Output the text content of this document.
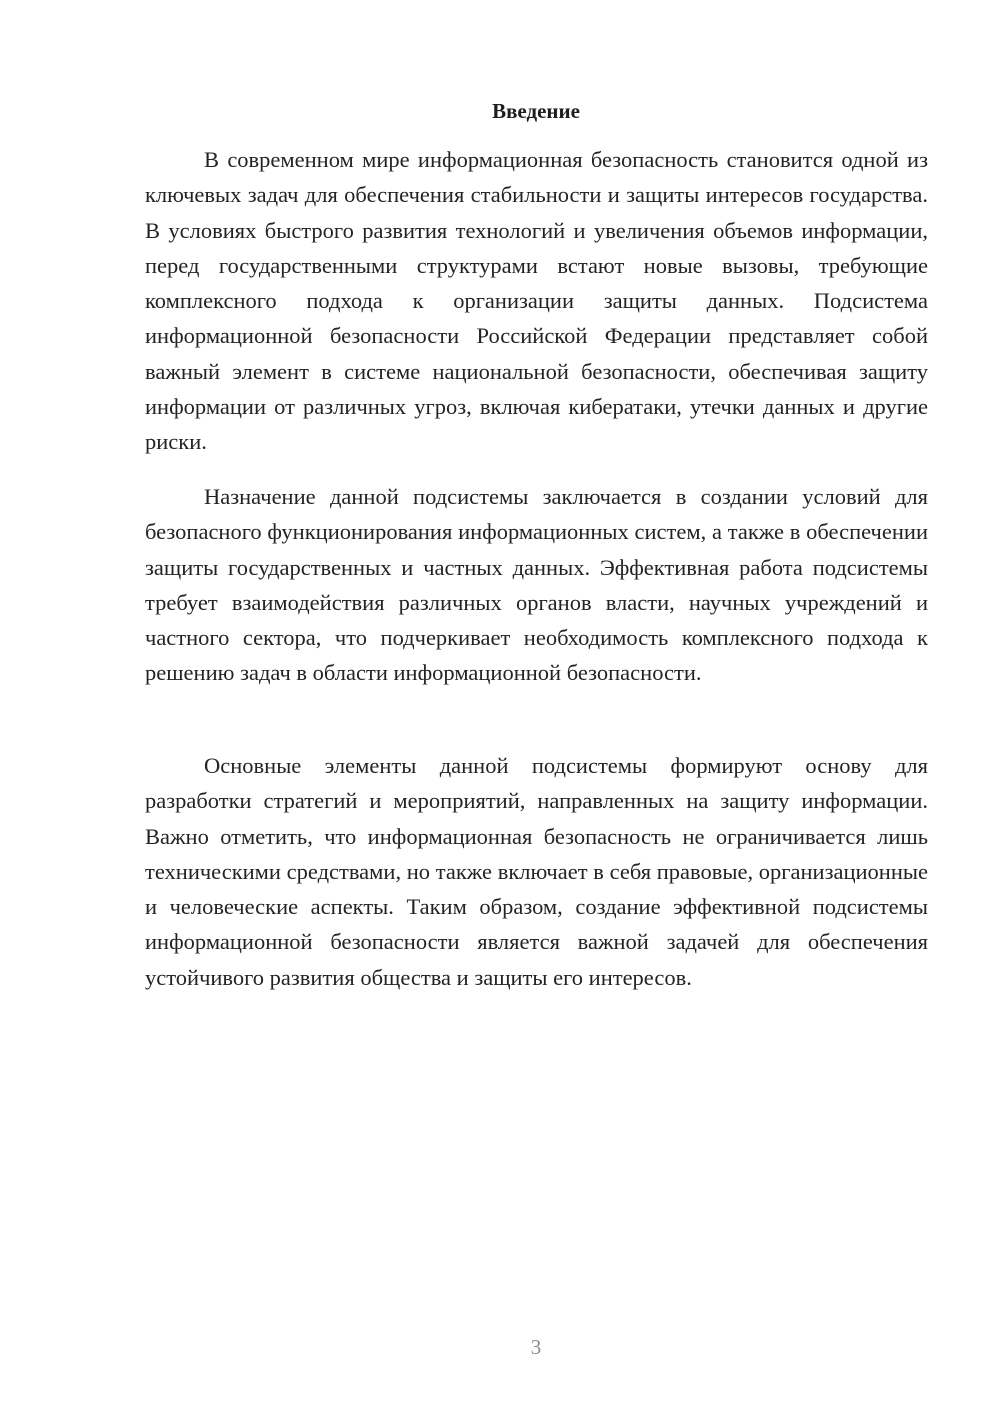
Введение

В современном мире информационная безопасность становится одной из ключевых задач для обеспечения стабильности и защиты интересов государства. В условиях быстрого развития технологий и увеличения объемов информации, перед государственными структурами встают новые вызовы, требующие комплексного подхода к организации защиты данных. Подсистема информационной безопасности Российской Федерации представляет собой важный элемент в системе национальной безопасности, обеспечивая защиту информации от различных угроз, включая кибератаки, утечки данных и другие риски.

Назначение данной подсистемы заключается в создании условий для безопасного функционирования информационных систем, а также в обеспечении защиты государственных и частных данных. Эффективная работа подсистемы требует взаимодействия различных органов власти, научных учреждений и частного сектора, что подчеркивает необходимость комплексного подхода к решению задач в области информационной безопасности.

Основные элементы данной подсистемы формируют основу для разработки стратегий и мероприятий, направленных на защиту информации. Важно отметить, что информационная безопасность не ограничивается лишь техническими средствами, но также включает в себя правовые, организационные и человеческие аспекты. Таким образом, создание эффективной подсистемы информационной безопасности является важной задачей для обеспечения устойчивого развития общества и защиты его интересов.

3
